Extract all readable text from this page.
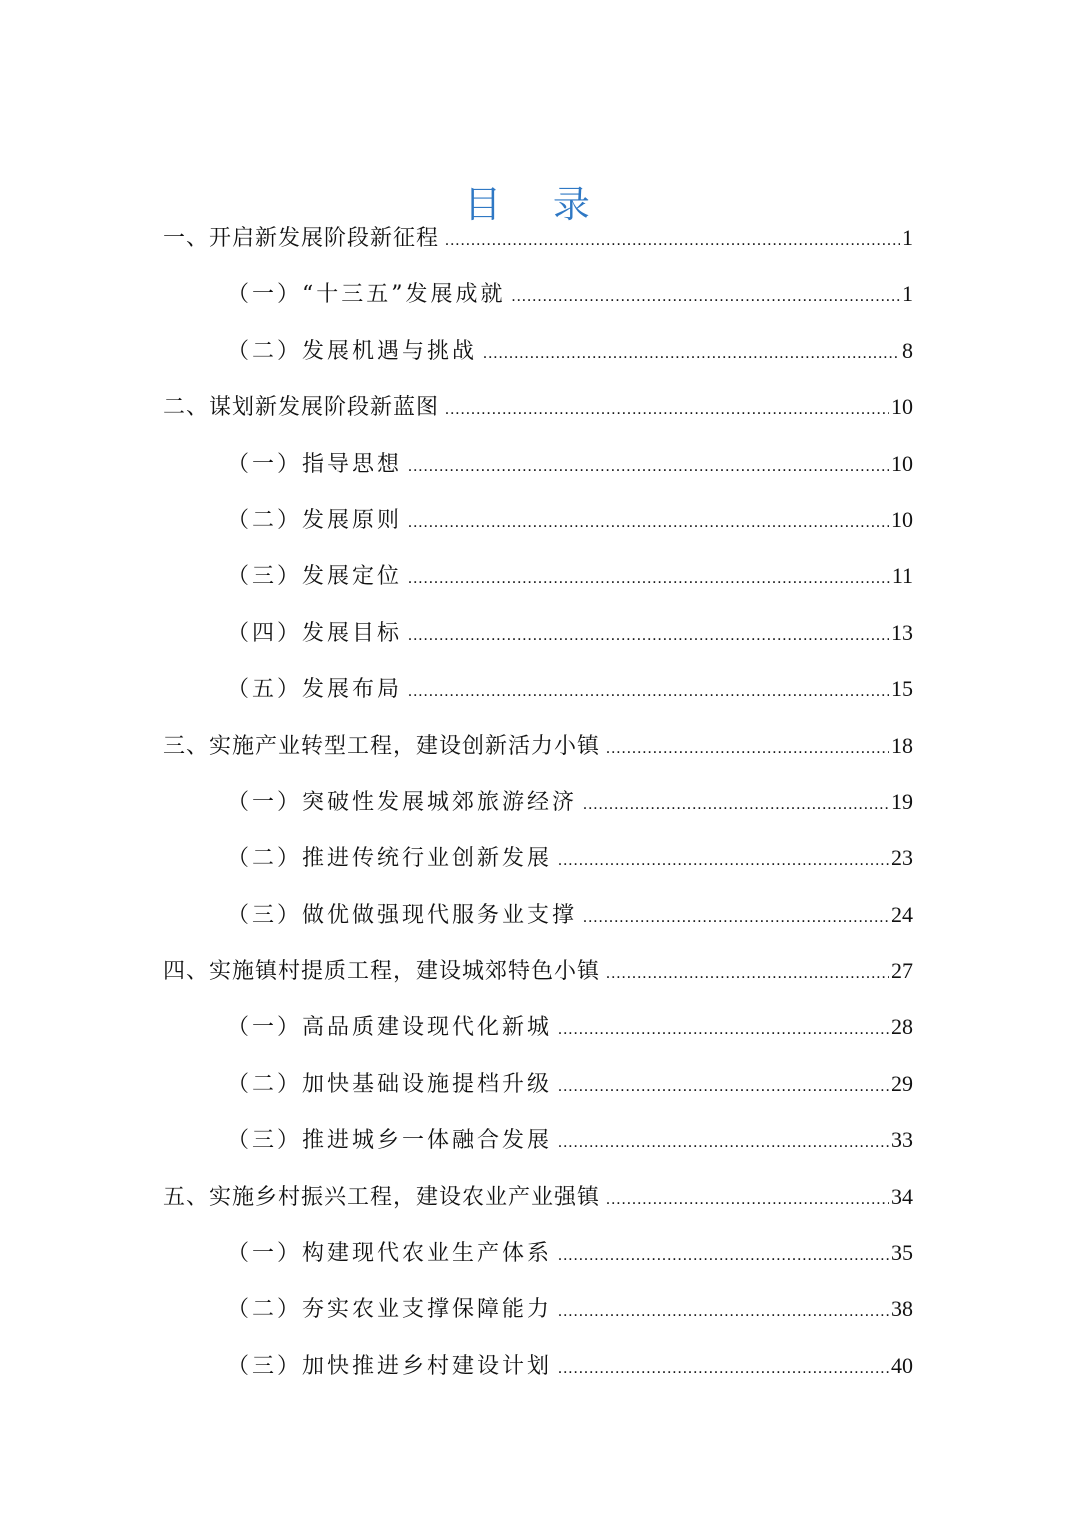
目 录
一、开启新发展阶段新征程 .....	1
（一）“十三五”发展成就 .....	1
（二）发展机遇与挑战 .....	8
二、谋划新发展阶段新蓝图 .....	10
（一）指导思想 .....	10
（二）发展原则 .....	10
（三）发展定位 .....	11
（四）发展目标 .....	13
（五）发展布局 .....	15
三、实施产业转型工程，建设创新活力小镇 .....	18
（一）突破性发展城郊旅游经济 .....	19
（二）推进传统行业创新发展 .....	23
（三）做优做强现代服务业支撑 .....	24
四、实施镇村提质工程，建设城郊特色小镇 .....	27
（一）高品质建设现代化新城 .....	28
（二）加快基础设施提档升级 .....	29
（三）推进城乡一体融合发展 .....	33
五、实施乡村振兴工程，建设农业产业强镇 .....	34
（一）构建现代农业生产体系 .....	35
（二）夯实农业支撑保障能力 .....	38
（三）加快推进乡村建设计划 .....	40
